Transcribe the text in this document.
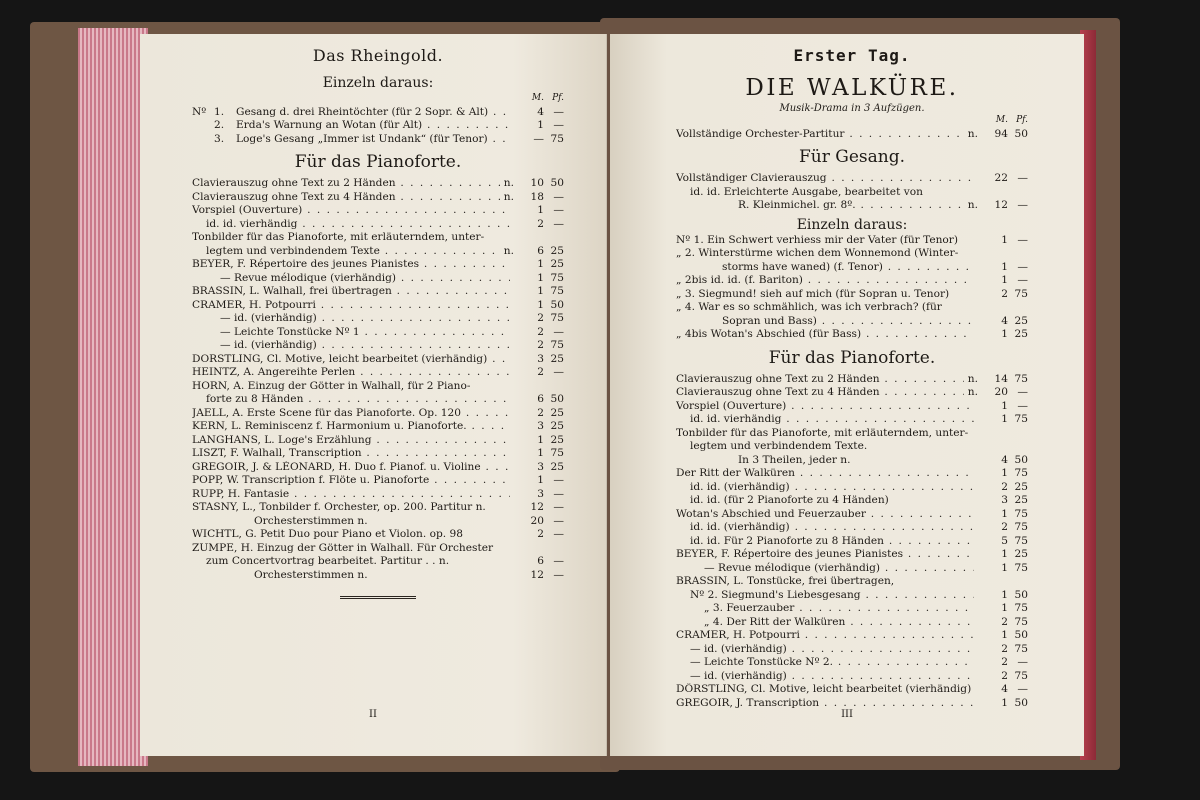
Das Rheingold.
Einzeln daraus:
M. Pf.
Nº 1. Gesang d. drei Rheintöchter (für 2 Sopr. & Alt) . . .	4 —
2. Erda's Warnung an Wotan (für Alt) . . .	1 —
3. Loge's Gesang „Immer ist Undank“ (für Tenor) . . .	— 75
Für das Pianoforte.
Clavierauszug ohne Text zu 2 Händen . . .	n.	10 50
Clavierauszug ohne Text zu 4 Händen . . .	n.	18 —
Vorspiel (Ouverture) . . .	1 —
id. id. vierhändig . . .	2 —
Tonbilder für das Pianoforte, mit erläuterndem, unter-
legtem und verbindendem Texte . . .	n.	6 25
BEYER, F. Répertoire des jeunes Pianistes . . .	1 25
— Revue mélodique (vierhändig) . . .	1 75
BRASSIN, L. Walhall, frei übertragen . . .	1 75
CRAMER, H. Potpourri . . .	1 50
— id. (vierhändig) . . .	2 75
— Leichte Tonstücke Nº 1 . . .	2 —
— id. (vierhändig) . . .	2 75
DORSTLING, Cl. Motive, leicht bearbeitet (vierhändig) . . .	3 25
HEINTZ, A. Angereihte Perlen . . .	2 —
HORN, A. Einzug der Götter in Walhall, für 2 Piano-
forte zu 8 Händen . . .	6 50
JAELL, A. Erste Scene für das Pianoforte. Op. 120 . . .	2 25
KERN, L. Reminiscenz f. Harmonium u. Pianoforte. . . .	3 25
LANGHANS, L. Loge's Erzählung . . .	1 25
LISZT, F. Walhall, Transcription . . .	1 75
GREGOIR, J. & LÉONARD, H. Duo f. Pianof. u. Violine . . .	3 25
POPP, W. Transcription f. Flöte u. Pianoforte . . .	1 —
RUPP, H. Fantasie . . .	3 —
STASNY, L., Tonbilder f. Orchester, op. 200. Partitur n.	12 —
Orchesterstimmen n.	20 —
WICHTL, G. Petit Duo pour Piano et Violon. op. 98	2 —
ZUMPE, H. Einzug der Götter in Walhall. Für Orchester
zum Concertvortrag bearbeitet. Partitur . . n.	6 —
Orchesterstimmen n.	12 —
II
Erster Tag.
DIE WALKÜRE.
Musik-Drama in 3 Aufzügen.
M. Pf.
Vollständige Orchester-Partitur . . .	n.	94 50
Für Gesang.
Vollständiger Clavierauszug . . .	22 —
id. id. Erleichterte Ausgabe, bearbeitet von
R. Kleinmichel. gr. 8º. . . .	n.	12 —
Einzeln daraus:
Nº 1. Ein Schwert verhiess mir der Vater (für Tenor)	1 —
„ 2. Winterstürme wichen dem Wonnemond (Winter-
storms have waned) (f. Tenor) . . .	1 —
„ 2bis id. id. (f. Bariton) . . .	1 —
„ 3. Siegmund! sieh auf mich (für Sopran u. Tenor)	2 75
„ 4. War es so schmählich, was ich verbrach? (für
Sopran und Bass) . . .	4 25
„ 4bis Wotan's Abschied (für Bass) . . .	1 25
Für das Pianoforte.
Clavierauszug ohne Text zu 2 Händen . . .	n.	14 75
Clavierauszug ohne Text zu 4 Händen . . .	n.	20 —
Vorspiel (Ouverture) . . .	1 —
id. id. vierhändig . . .	1 75
Tonbilder für das Pianoforte, mit erläuterndem, unter-
legtem und verbindendem Texte.
In 3 Theilen, jeder n.	4 50
Der Ritt der Walküren . . .	1 75
id. id. (vierhändig) . . .	2 25
id. id. (für 2 Pianoforte zu 4 Händen)	3 25
Wotan's Abschied und Feuerzauber . . .	1 75
id. id. (vierhändig) . . .	2 75
id. id. Für 2 Pianoforte zu 8 Händen . . .	5 75
BEYER, F. Répertoire des jeunes Pianistes . . .	1 25
— Revue mélodique (vierhändig) . . .	1 75
BRASSIN, L. Tonstücke, frei übertragen,
Nº 2. Siegmund's Liebesgesang . . .	1 50
„ 3. Feuerzauber . . .	1 75
„ 4. Der Ritt der Walküren . . .	2 75
CRAMER, H. Potpourri . . .	1 50
— id. (vierhändig) . . .	2 75
— Leichte Tonstücke Nº 2. . . .	2 —
— id. (vierhändig) . . .	2 75
DÖRSTLING, Cl. Motive, leicht bearbeitet (vierhändig)	4 —
GREGOIR, J. Transcription . . .	1 50
III
